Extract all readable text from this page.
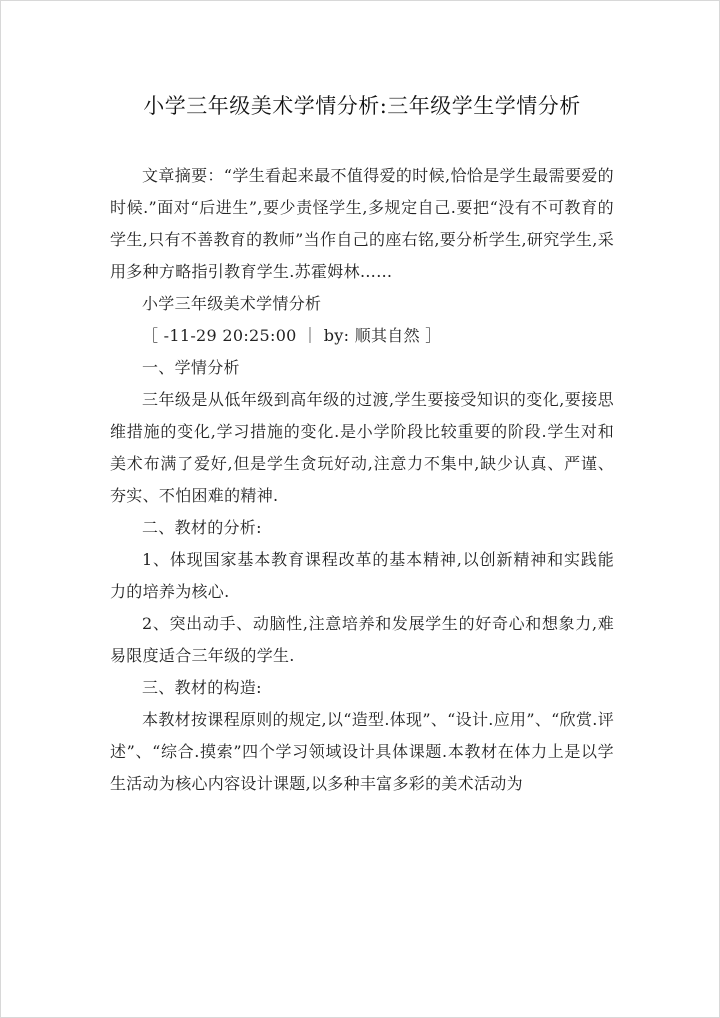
小学三年级美术学情分析:三年级学生学情分析

文章摘要：“学生看起来最不值得爱的时候,恰恰是学生最需要爱的时候.”面对“后进生”,要少责怪学生,多规定自己.要把“没有不可教育的学生,只有不善教育的教师”当作自己的座右铭,要分析学生,研究学生,采用多种方略指引教育学生.苏霍姆林……

小学三年级美术学情分析

［ -11-29 20:25:00 ｜ by: 顺其自然 ］

一、学情分析

三年级是从低年级到高年级的过渡,学生要接受知识的变化,要接思维措施的变化,学习措施的变化.是小学阶段比较重要的阶段.学生对和美术布满了爱好,但是学生贪玩好动,注意力不集中,缺少认真、严谨、夯实、不怕困难的精神.

二、教材的分析:

1、体现国家基本教育课程改革的基本精神,以创新精神和实践能力的培养为核心.

2、突出动手、动脑性,注意培养和发展学生的好奇心和想象力,难易限度适合三年级的学生.

三、教材的构造:

本教材按课程原则的规定,以“造型.体现”、“设计.应用”、“欣赏.评述”、“综合.摸索”四个学习领域设计具体课题.本教材在体力上是以学生活动为核心内容设计课题,以多种丰富多彩的美术活动为
